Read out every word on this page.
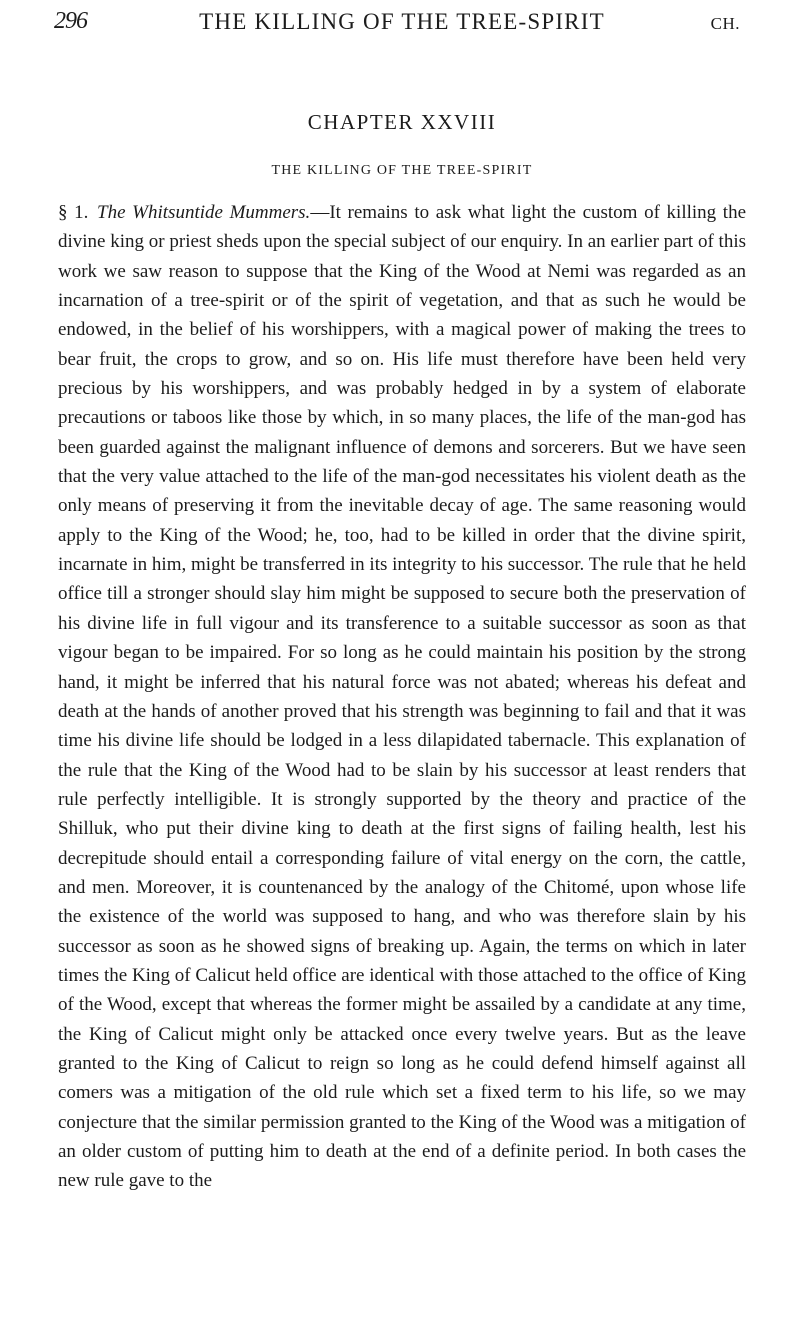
296	THE KILLING OF THE TREE-SPIRIT	CH.
CHAPTER XXVIII
THE KILLING OF THE TREE-SPIRIT

§ 1. The Whitsuntide Mummers.—It remains to ask what light the custom of killing the divine king or priest sheds upon the special subject of our enquiry. In an earlier part of this work we saw reason to suppose that the King of the Wood at Nemi was regarded as an incarnation of a tree-spirit or of the spirit of vegetation, and that as such he would be endowed, in the belief of his worshippers, with a magical power of making the trees to bear fruit, the crops to grow, and so on. His life must therefore have been held very precious by his worshippers, and was probably hedged in by a system of elaborate precautions or taboos like those by which, in so many places, the life of the man-god has been guarded against the malignant influence of demons and sorcerers. But we have seen that the very value attached to the life of the man-god necessitates his violent death as the only means of preserving it from the inevitable decay of age. The same reasoning would apply to the King of the Wood; he, too, had to be killed in order that the divine spirit, incarnate in him, might be transferred in its integrity to his successor. The rule that he held office till a stronger should slay him might be supposed to secure both the preservation of his divine life in full vigour and its transference to a suitable successor as soon as that vigour began to be impaired. For so long as he could maintain his position by the strong hand, it might be inferred that his natural force was not abated; whereas his defeat and death at the hands of another proved that his strength was beginning to fail and that it was time his divine life should be lodged in a less dilapidated tabernacle. This explanation of the rule that the King of the Wood had to be slain by his successor at least renders that rule perfectly intelligible. It is strongly supported by the theory and practice of the Shilluk, who put their divine king to death at the first signs of failing health, lest his decrepitude should entail a corresponding failure of vital energy on the corn, the cattle, and men. Moreover, it is countenanced by the analogy of the Chitomé, upon whose life the existence of the world was supposed to hang, and who was therefore slain by his successor as soon as he showed signs of breaking up. Again, the terms on which in later times the King of Calicut held office are identical with those attached to the office of King of the Wood, except that whereas the former might be assailed by a candidate at any time, the King of Calicut might only be attacked once every twelve years. But as the leave granted to the King of Calicut to reign so long as he could defend himself against all comers was a mitigation of the old rule which set a fixed term to his life, so we may conjecture that the similar permission granted to the King of the Wood was a mitigation of an older custom of putting him to death at the end of a definite period. In both cases the new rule gave to the
